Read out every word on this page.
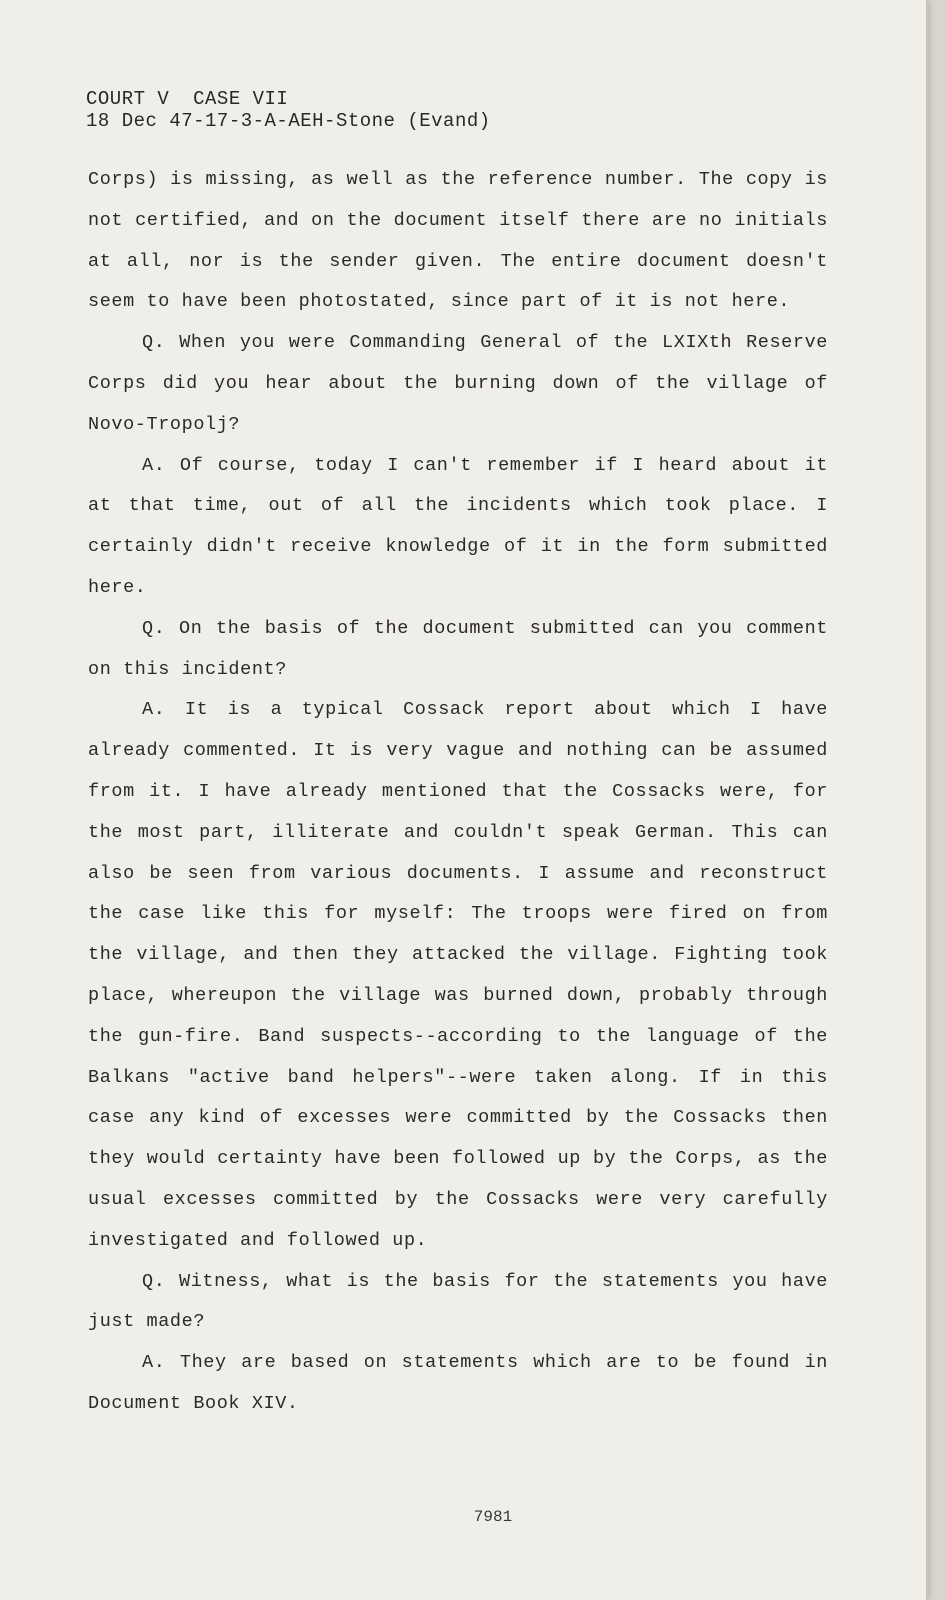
COURT V  CASE VII
18 Dec 47-17-3-A-AEH-Stone (Evand)

Corps) is missing, as well as the reference number. The copy is not certified, and on the document itself there are no initials at all, nor is the sender given. The entire document doesn't seem to have been photostated, since part of it is not here.

Q. When you were Commanding General of the LXIXth Reserve Corps did you hear about the burning down of the village of Novo-Tropolj?

A. Of course, today I can't remember if I heard about it at that time, out of all the incidents which took place. I certainly didn't receive knowledge of it in the form submitted here.

Q. On the basis of the document submitted can you comment on this incident?

A. It is a typical Cossack report about which I have already commented. It is very vague and nothing can be assumed from it. I have already mentioned that the Cossacks were, for the most part, illiterate and couldn't speak German. This can also be seen from various documents. I assume and reconstruct the case like this for myself: The troops were fired on from the village, and then they attacked the village. Fighting took place, whereupon the village was burned down, probably through the gun-fire. Band suspects--according to the language of the Balkans "active band helpers"--were taken along. If in this case any kind of excesses were committed by the Cossacks then they would certainty have been followed up by the Corps, as the usual excesses committed by the Cossacks were very carefully investigated and followed up.

Q. Witness, what is the basis for the statements you have just made?

A. They are based on statements which are to be found in Document Book XIV.

7981
